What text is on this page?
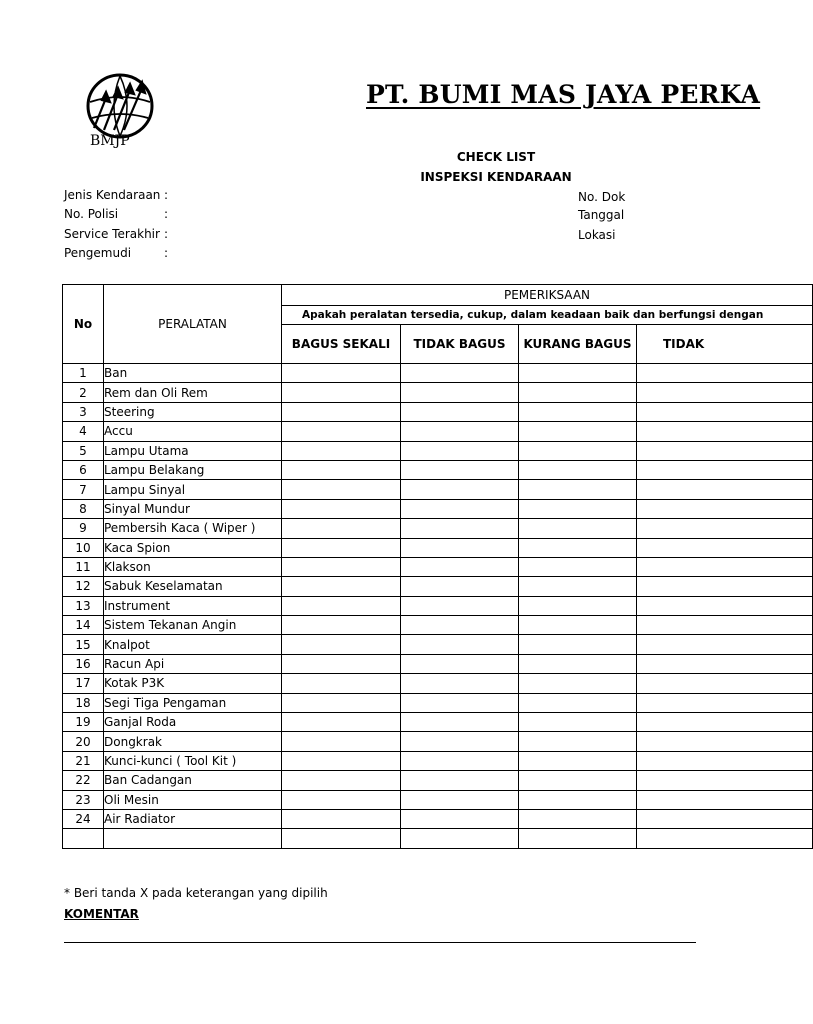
BMJP
PT. BUMI MAS JAYA PERKA
CHECK LIST
INSPEKSI KENDARAAN
Jenis Kendaraan :
No. Polisi	:
Service Terakhir :
Pengemudi	:
No. Dok
Tanggal
Lokasi
No	PERALATAN	PEMERIKSAAN			
		Apakah peralatan tersedia, cukup, dalam keadaan baik dan berfungsi dengan			
		BAGUS SEKALI	TIDAK BAGUS	KURANG BAGUS	TIDAK
1	Ban				
2	Rem dan Oli Rem				
3	Steering				
4	Accu				
5	Lampu Utama				
6	Lampu Belakang				
7	Lampu Sinyal				
8	Sinyal Mundur				
9	Pembersih Kaca ( Wiper )				
10	Kaca Spion				
11	Klakson				
12	Sabuk Keselamatan				
13	Instrument				
14	Sistem Tekanan Angin				
15	Knalpot				
16	Racun Api				
17	Kotak P3K				
18	Segi Tiga Pengaman				
19	Ganjal Roda				
20	Dongkrak				
21	Kunci-kunci ( Tool Kit )				
22	Ban Cadangan				
23	Oli Mesin				
24	Air Radiator				

* Beri tanda X pada keterangan yang dipilih
KOMENTAR
